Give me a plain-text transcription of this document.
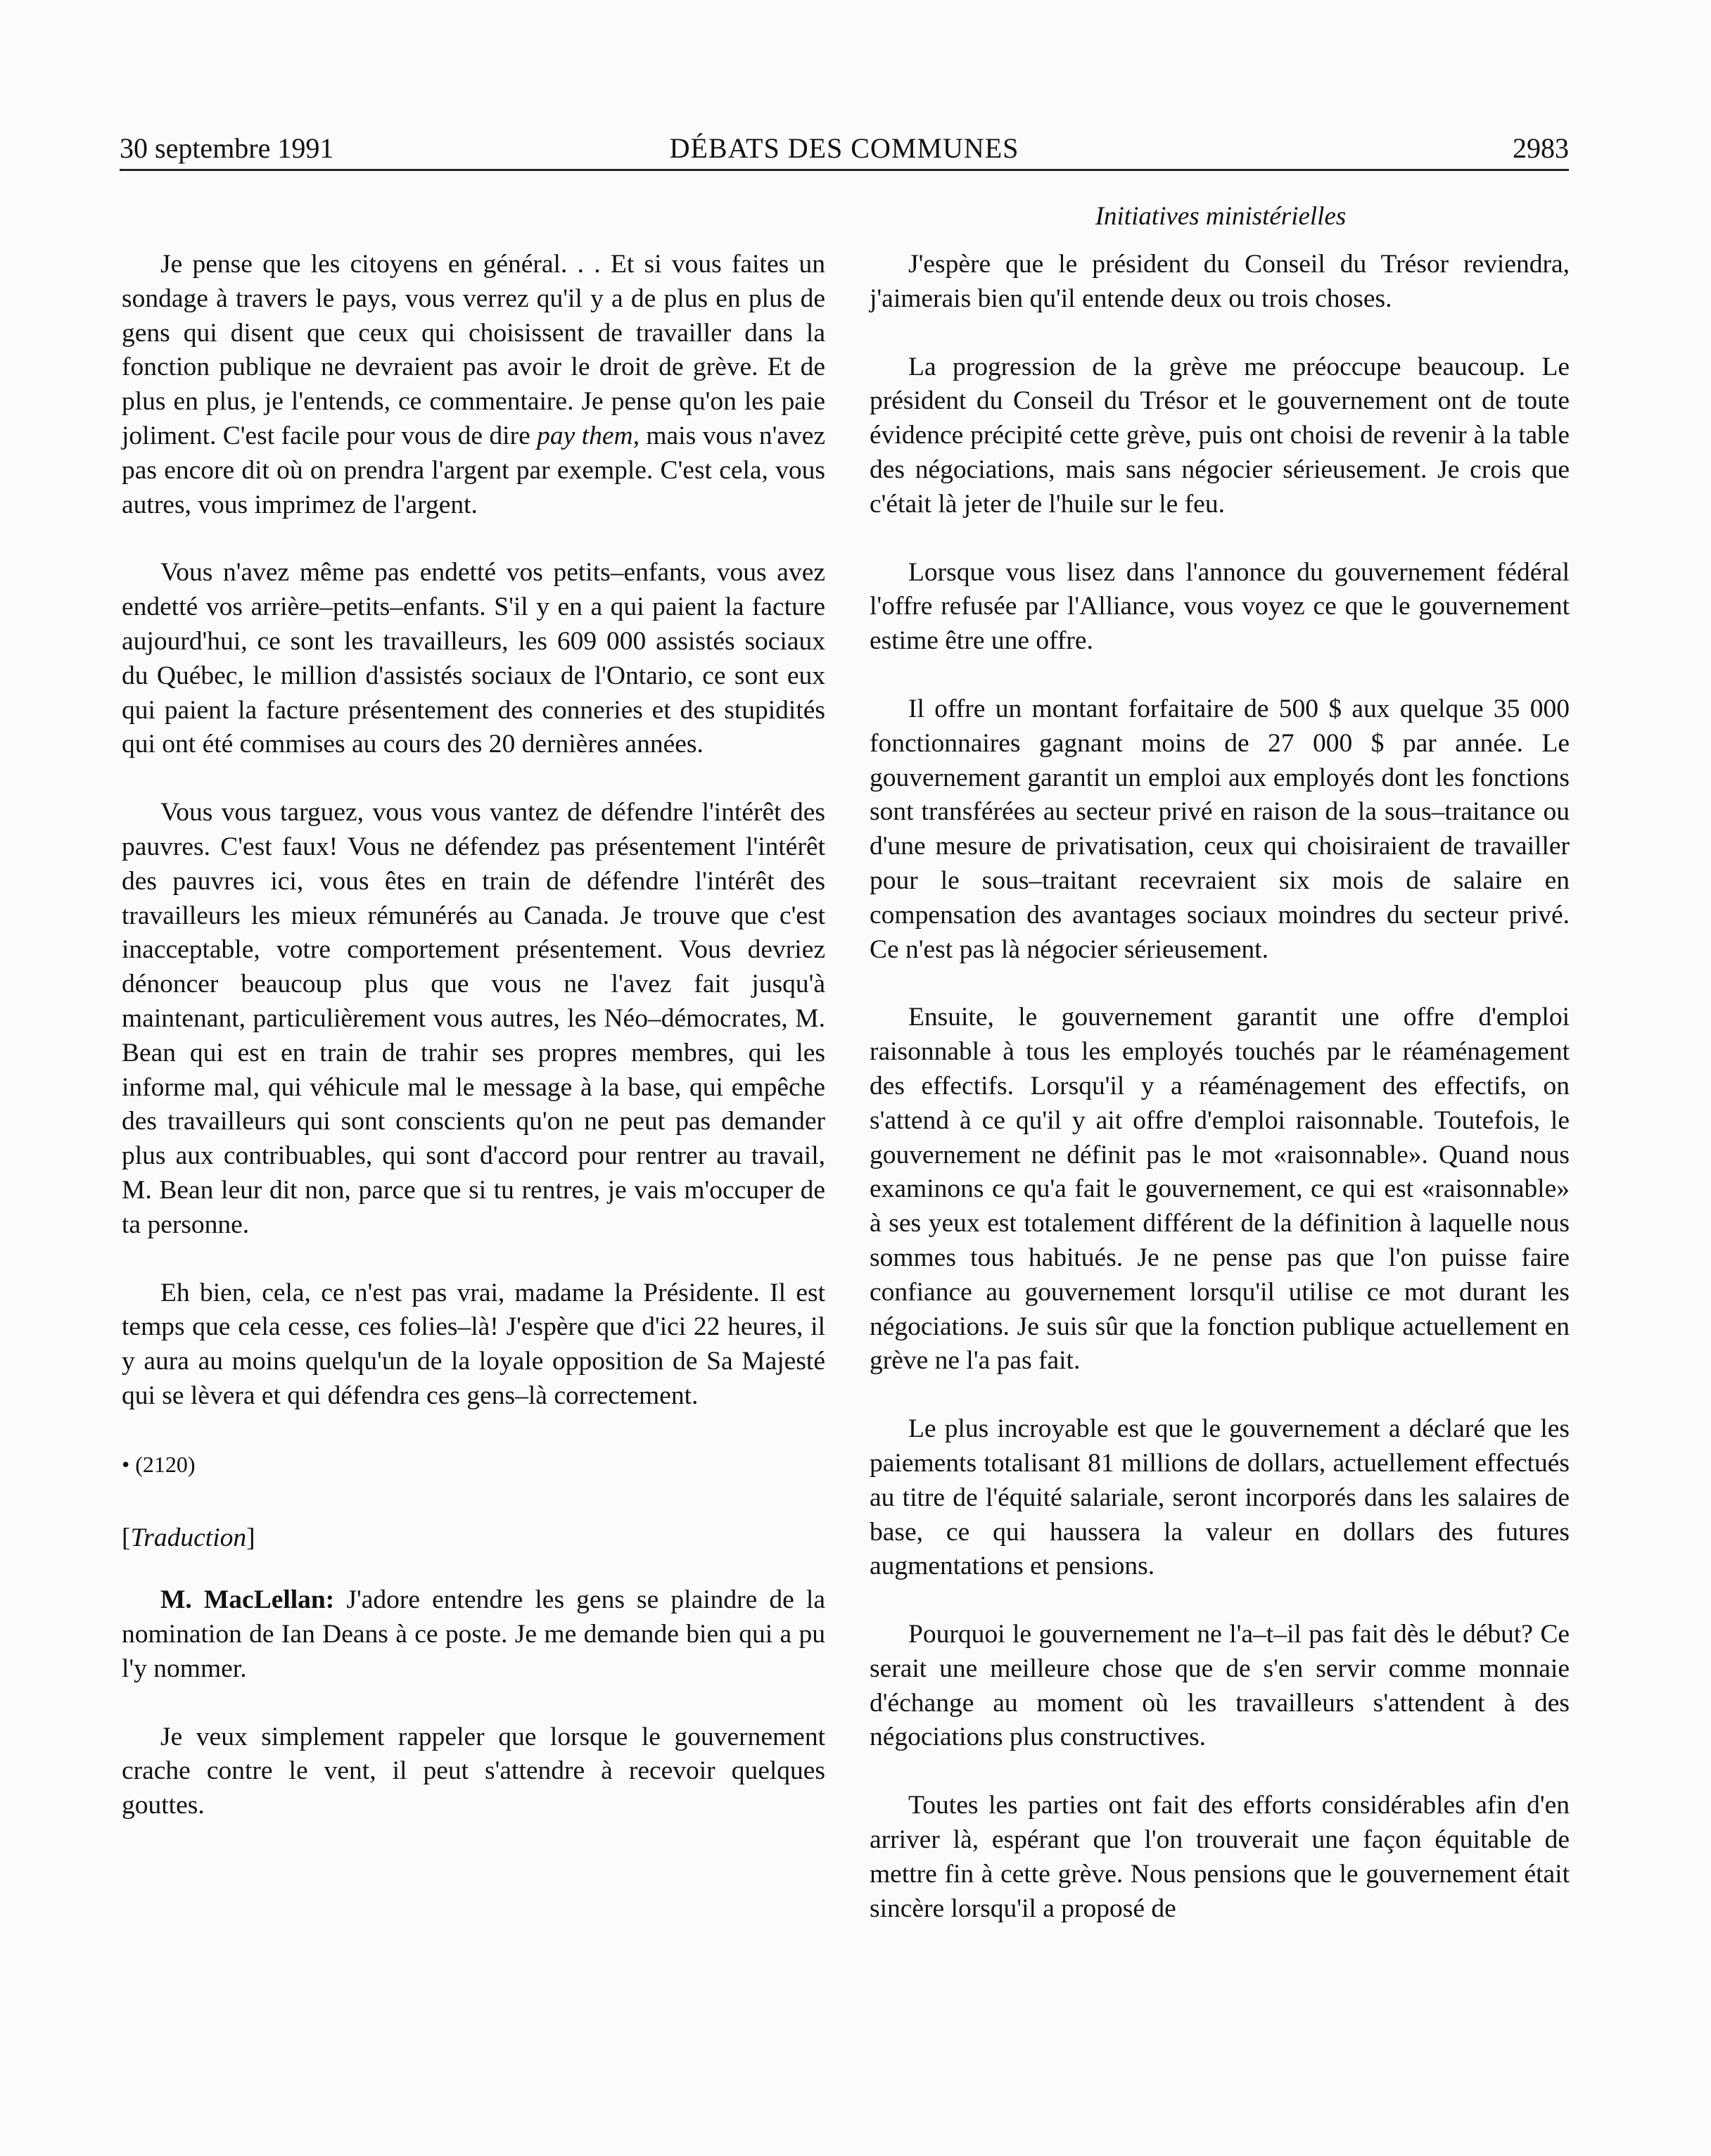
30 septembre 1991	DÉBATS DES COMMUNES	2983
Initiatives ministérielles

Je pense que les citoyens en général. . . Et si vous faites un sondage à travers le pays, vous verrez qu'il y a de plus en plus de gens qui disent que ceux qui choisissent de travailler dans la fonction publique ne devraient pas avoir le droit de grève. Et de plus en plus, je l'entends, ce commentaire. Je pense qu'on les paie joliment. C'est facile pour vous de dire pay them, mais vous n'avez pas encore dit où on prendra l'argent par exemple. C'est cela, vous autres, vous imprimez de l'argent.

Vous n'avez même pas endetté vos petits–enfants, vous avez endetté vos arrière–petits–enfants. S'il y en a qui paient la facture aujourd'hui, ce sont les travailleurs, les 609 000 assistés sociaux du Québec, le million d'assistés sociaux de l'Ontario, ce sont eux qui paient la facture présentement des conneries et des stupidités qui ont été commises au cours des 20 dernières années.

Vous vous targuez, vous vous vantez de défendre l'intérêt des pauvres. C'est faux! Vous ne défendez pas présentement l'intérêt des pauvres ici, vous êtes en train de défendre l'intérêt des travailleurs les mieux rémunérés au Canada. Je trouve que c'est inacceptable, votre comportement présentement. Vous devriez dénoncer beaucoup plus que vous ne l'avez fait jusqu'à maintenant, particulièrement vous autres, les Néo–démocrates, M. Bean qui est en train de trahir ses propres membres, qui les informe mal, qui véhicule mal le message à la base, qui empêche des travailleurs qui sont conscients qu'on ne peut pas demander plus aux contribuables, qui sont d'accord pour rentrer au travail, M. Bean leur dit non, parce que si tu rentres, je vais m'occuper de ta personne.

Eh bien, cela, ce n'est pas vrai, madame la Présidente. Il est temps que cela cesse, ces folies–là! J'espère que d'ici 22 heures, il y aura au moins quelqu'un de la loyale opposition de Sa Majesté qui se lèvera et qui défendra ces gens–là correctement.

• (2120)

[Traduction]

M. MacLellan: J'adore entendre les gens se plaindre de la nomination de Ian Deans à ce poste. Je me demande bien qui a pu l'y nommer.

Je veux simplement rappeler que lorsque le gouvernement crache contre le vent, il peut s'attendre à recevoir quelques gouttes.

J'espère que le président du Conseil du Trésor reviendra, j'aimerais bien qu'il entende deux ou trois choses.

La progression de la grève me préoccupe beaucoup. Le président du Conseil du Trésor et le gouvernement ont de toute évidence précipité cette grève, puis ont choisi de revenir à la table des négociations, mais sans négocier sérieusement. Je crois que c'était là jeter de l'huile sur le feu.

Lorsque vous lisez dans l'annonce du gouvernement fédéral l'offre refusée par l'Alliance, vous voyez ce que le gouvernement estime être une offre.

Il offre un montant forfaitaire de 500 $ aux quelque 35 000 fonctionnaires gagnant moins de 27 000 $ par année. Le gouvernement garantit un emploi aux employés dont les fonctions sont transférées au secteur privé en raison de la sous–traitance ou d'une mesure de privatisation, ceux qui choisiraient de travailler pour le sous–traitant recevraient six mois de salaire en compensation des avantages sociaux moindres du secteur privé. Ce n'est pas là négocier sérieusement.

Ensuite, le gouvernement garantit une offre d'emploi raisonnable à tous les employés touchés par le réaménagement des effectifs. Lorsqu'il y a réaménagement des effectifs, on s'attend à ce qu'il y ait offre d'emploi raisonnable. Toutefois, le gouvernement ne définit pas le mot «raisonnable». Quand nous examinons ce qu'a fait le gouvernement, ce qui est «raisonnable» à ses yeux est totalement différent de la définition à laquelle nous sommes tous habitués. Je ne pense pas que l'on puisse faire confiance au gouvernement lorsqu'il utilise ce mot durant les négociations. Je suis sûr que la fonction publique actuellement en grève ne l'a pas fait.

Le plus incroyable est que le gouvernement a déclaré que les paiements totalisant 81 millions de dollars, actuellement effectués au titre de l'équité salariale, seront incorporés dans les salaires de base, ce qui haussera la valeur en dollars des futures augmentations et pensions.

Pourquoi le gouvernement ne l'a–t–il pas fait dès le début? Ce serait une meilleure chose que de s'en servir comme monnaie d'échange au moment où les travailleurs s'attendent à des négociations plus constructives.

Toutes les parties ont fait des efforts considérables afin d'en arriver là, espérant que l'on trouverait une façon équitable de mettre fin à cette grève. Nous pensions que le gouvernement était sincère lorsqu'il a proposé de
